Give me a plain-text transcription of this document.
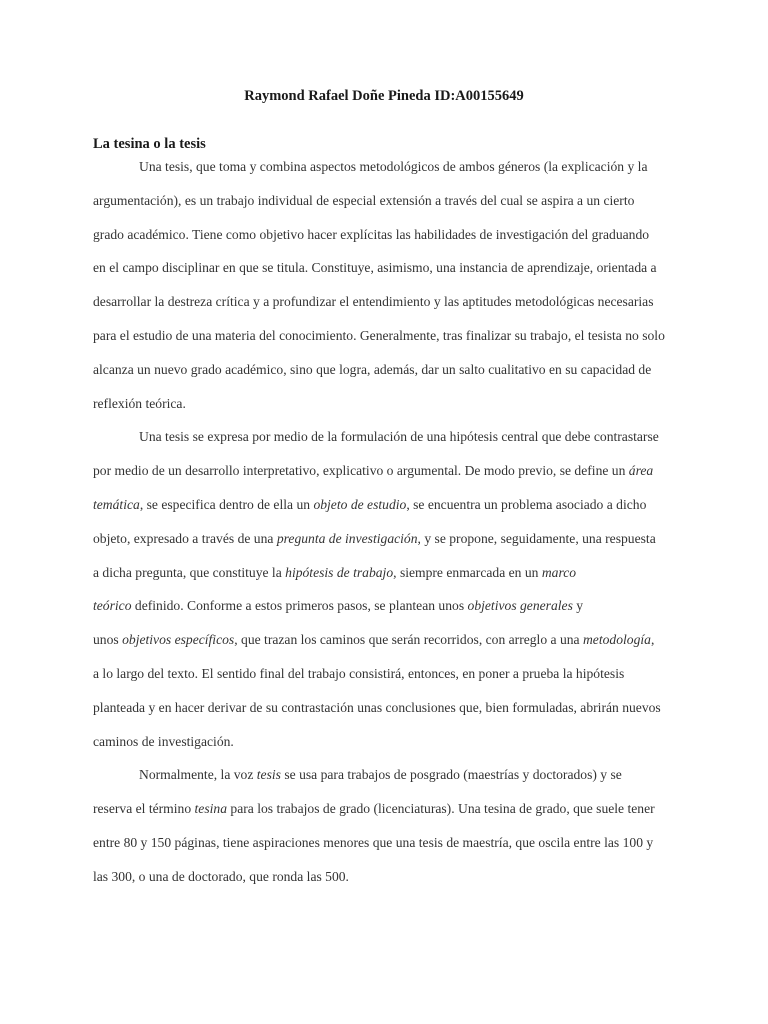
Raymond Rafael Doñe Pineda ID:A00155649
La tesina o la tesis
Una tesis, que toma y combina aspectos metodológicos de ambos géneros (la explicación y la
argumentación), es un trabajo individual de especial extensión a través del cual se aspira a un cierto
grado académico. Tiene como objetivo hacer explícitas las habilidades de investigación del graduando
en el campo disciplinar en que se titula. Constituye, asimismo, una instancia de aprendizaje, orientada a
desarrollar la destreza crítica y a profundizar el entendimiento y las aptitudes metodológicas necesarias
para el estudio de una materia del conocimiento. Generalmente, tras finalizar su trabajo, el tesista no solo
alcanza un nuevo grado académico, sino que logra, además, dar un salto cualitativo en su capacidad de
reflexión teórica.
Una tesis se expresa por medio de la formulación de una hipótesis central que debe contrastarse
por medio de un desarrollo interpretativo, explicativo o argumental. De modo previo, se define un área
temática, se especifica dentro de ella un objeto de estudio, se encuentra un problema asociado a dicho
objeto, expresado a través de una pregunta de investigación, y se propone, seguidamente, una respuesta
a dicha pregunta, que constituye la hipótesis de trabajo, siempre enmarcada en un marco
teórico definido. Conforme a estos primeros pasos, se plantean unos objetivos generales y
unos objetivos específicos, que trazan los caminos que serán recorridos, con arreglo a una metodología,
a lo largo del texto. El sentido final del trabajo consistirá, entonces, en poner a prueba la hipótesis
planteada y en hacer derivar de su contrastación unas conclusiones que, bien formuladas, abrirán nuevos
caminos de investigación.
Normalmente, la voz tesis se usa para trabajos de posgrado (maestrías y doctorados) y se
reserva el término tesina para los trabajos de grado (licenciaturas). Una tesina de grado, que suele tener
entre 80 y 150 páginas, tiene aspiraciones menores que una tesis de maestría, que oscila entre las 100 y
las 300, o una de doctorado, que ronda las 500.
